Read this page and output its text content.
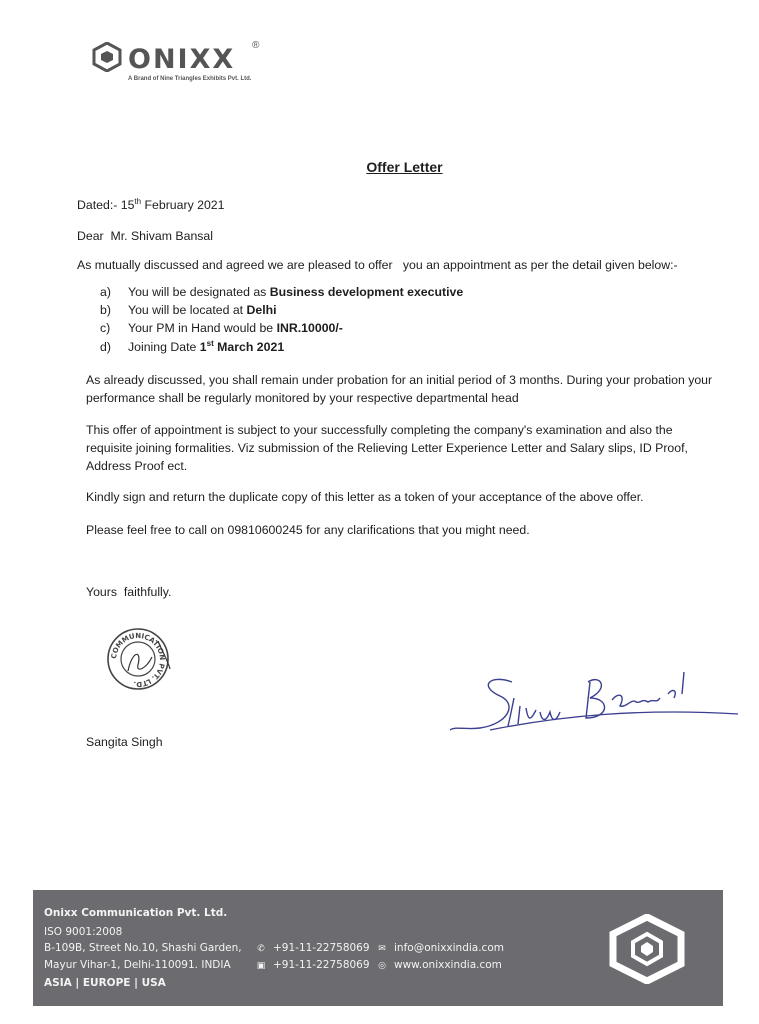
ONIXX ®
A Brand of Nine Triangles Exhibits Pvt. Ltd.
Offer Letter
Dated:- 15th February 2021
Dear  Mr. Shivam Bansal
As mutually discussed and agreed we are pleased to offer   you an appointment as per the detail given below:-
a) You will be designated as Business development executive
b) You will be located at Delhi
c) Your PM in Hand would be INR.10000/-
d) Joining Date 1st March 2021
As already discussed, you shall remain under probation for an initial period of 3 months. During your probation your performance shall be regularly monitored by your respective departmental head
This offer of appointment is subject to your successfully completing the company's examination and also the requisite joining formalities. Viz submission of the Relieving Letter Experience Letter and Salary slips, ID Proof, Address Proof ect.
Kindly sign and return the duplicate copy of this letter as a token of your acceptance of the above offer.
Please feel free to call on 09810600245 for any clarifications that you might need.
Yours  faithfully.
COMMUNICATION PVT. LTD.
Sangita Singh
Onixx Communication Pvt. Ltd.
ISO 9001:2008
B-109B, Street No.10, Shashi Garden,
Mayur Vihar-1, Delhi-110091. INDIA
ASIA | EUROPE | USA
✆ +91-11-22758069
▣ +91-11-22758069
✉ info@onixxindia.com
◎ www.onixxindia.com
